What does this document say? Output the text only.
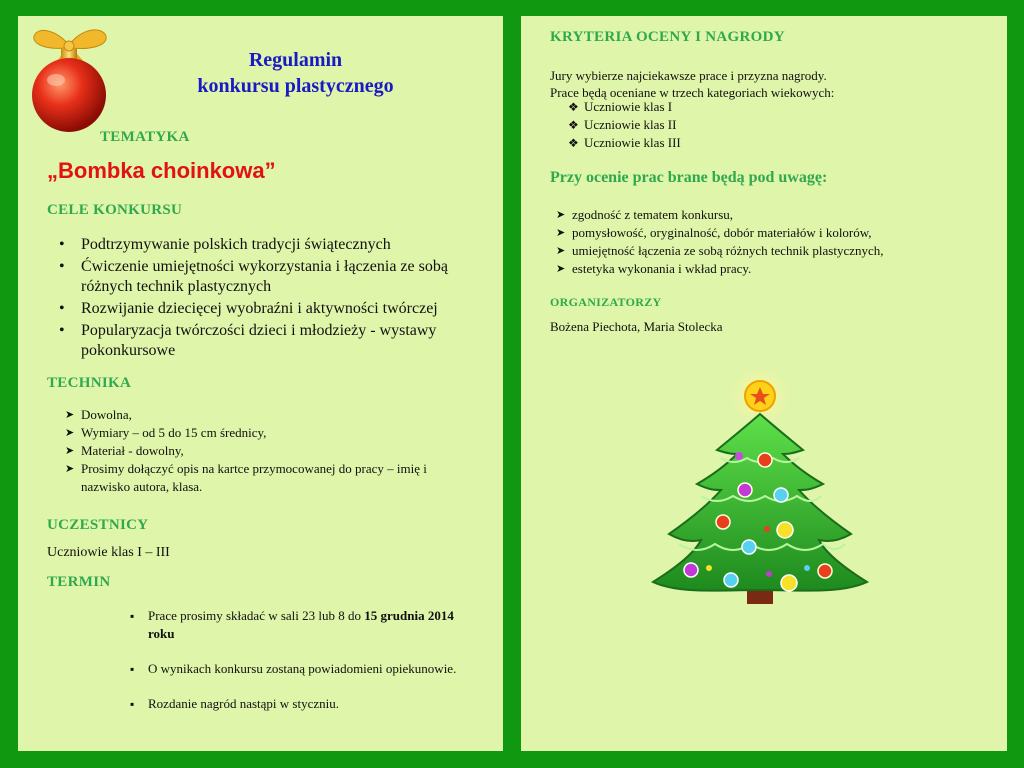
Regulamin
konkursu plastycznego
TEMATYKA
„Bombka choinkowa”
CELE KONKURSU
• Podtrzymywanie polskich tradycji świątecznych
• Ćwiczenie umiejętności wykorzystania i łączenia ze sobą różnych technik plastycznych
• Rozwijanie dziecięcej wyobraźni i aktywności twórczej
• Popularyzacja twórczości dzieci i młodzieży - wystawy pokonkursowe
TECHNIKA
➤ Dowolna,
➤ Wymiary – od 5 do 15 cm średnicy,
➤ Materiał - dowolny,
➤ Prosimy dołączyć opis na kartce przymocowanej do pracy – imię i nazwisko autora, klasa.
UCZESTNICY
Uczniowie klas I – III
TERMIN
▪ Prace prosimy składać w sali 23 lub 8 do 15 grudnia 2014 roku
▪ O wynikach konkursu zostaną powiadomieni opiekunowie.
▪ Rozdanie nagród nastąpi w styczniu.
KRYTERIA OCENY I NAGRODY
Jury wybierze najciekawsze prace i przyzna nagrody.
Prace będą oceniane w trzech kategoriach wiekowych:
❖ Uczniowie klas I
❖ Uczniowie klas II
❖ Uczniowie klas III
Przy ocenie prac brane będą pod uwagę:
➤ zgodność z tematem konkursu,
➤ pomysłowość, oryginalność, dobór materiałów i kolorów,
➤ umiejętność łączenia ze sobą różnych technik plastycznych,
➤ estetyka wykonania i wkład pracy.
ORGANIZATORZY
Bożena Piechota, Maria Stolecka
